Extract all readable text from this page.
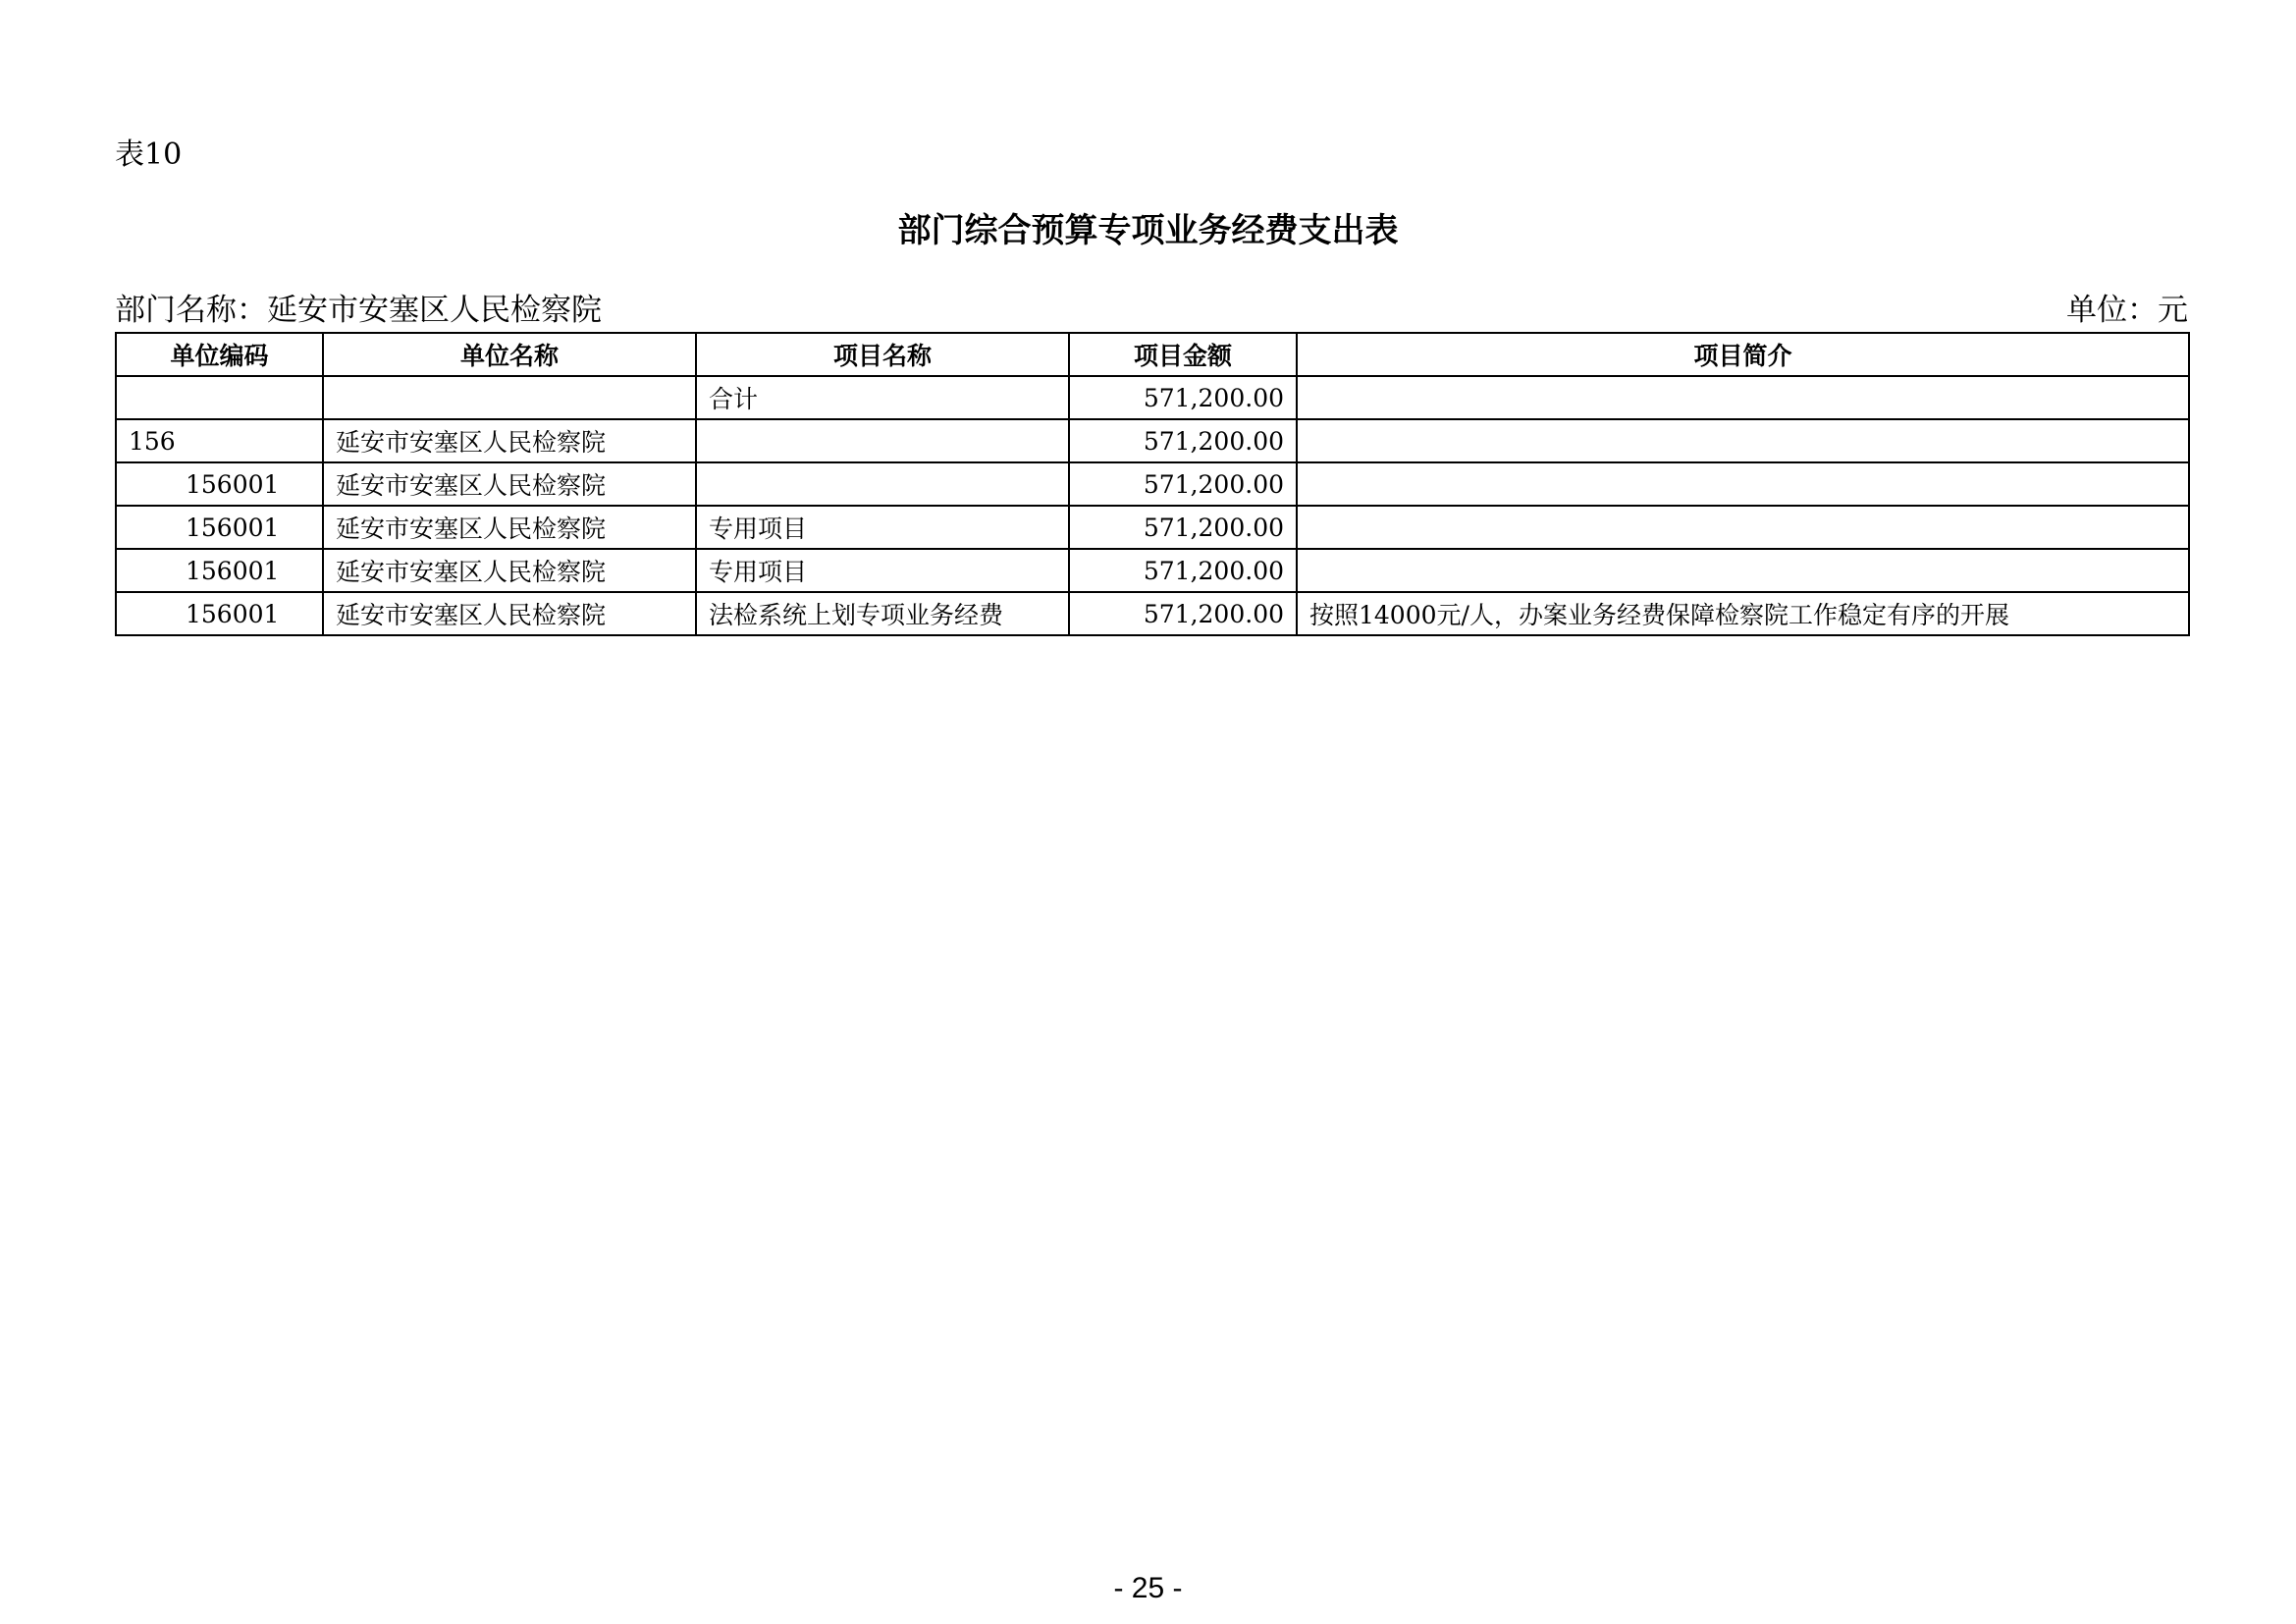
表10
部门综合预算专项业务经费支出表
部门名称：延安市安塞区人民检察院	单位：元
单位编码	单位名称	项目名称	项目金额	项目简介
		合计	571,200.00	
156	延安市安塞区人民检察院		571,200.00	
156001	延安市安塞区人民检察院		571,200.00	
156001	延安市安塞区人民检察院	专用项目	571,200.00	
156001	延安市安塞区人民检察院	专用项目	571,200.00	
156001	延安市安塞区人民检察院	法检系统上划专项业务经费	571,200.00	按照14000元/人，办案业务经费保障检察院工作稳定有序的开展
- 25 -
